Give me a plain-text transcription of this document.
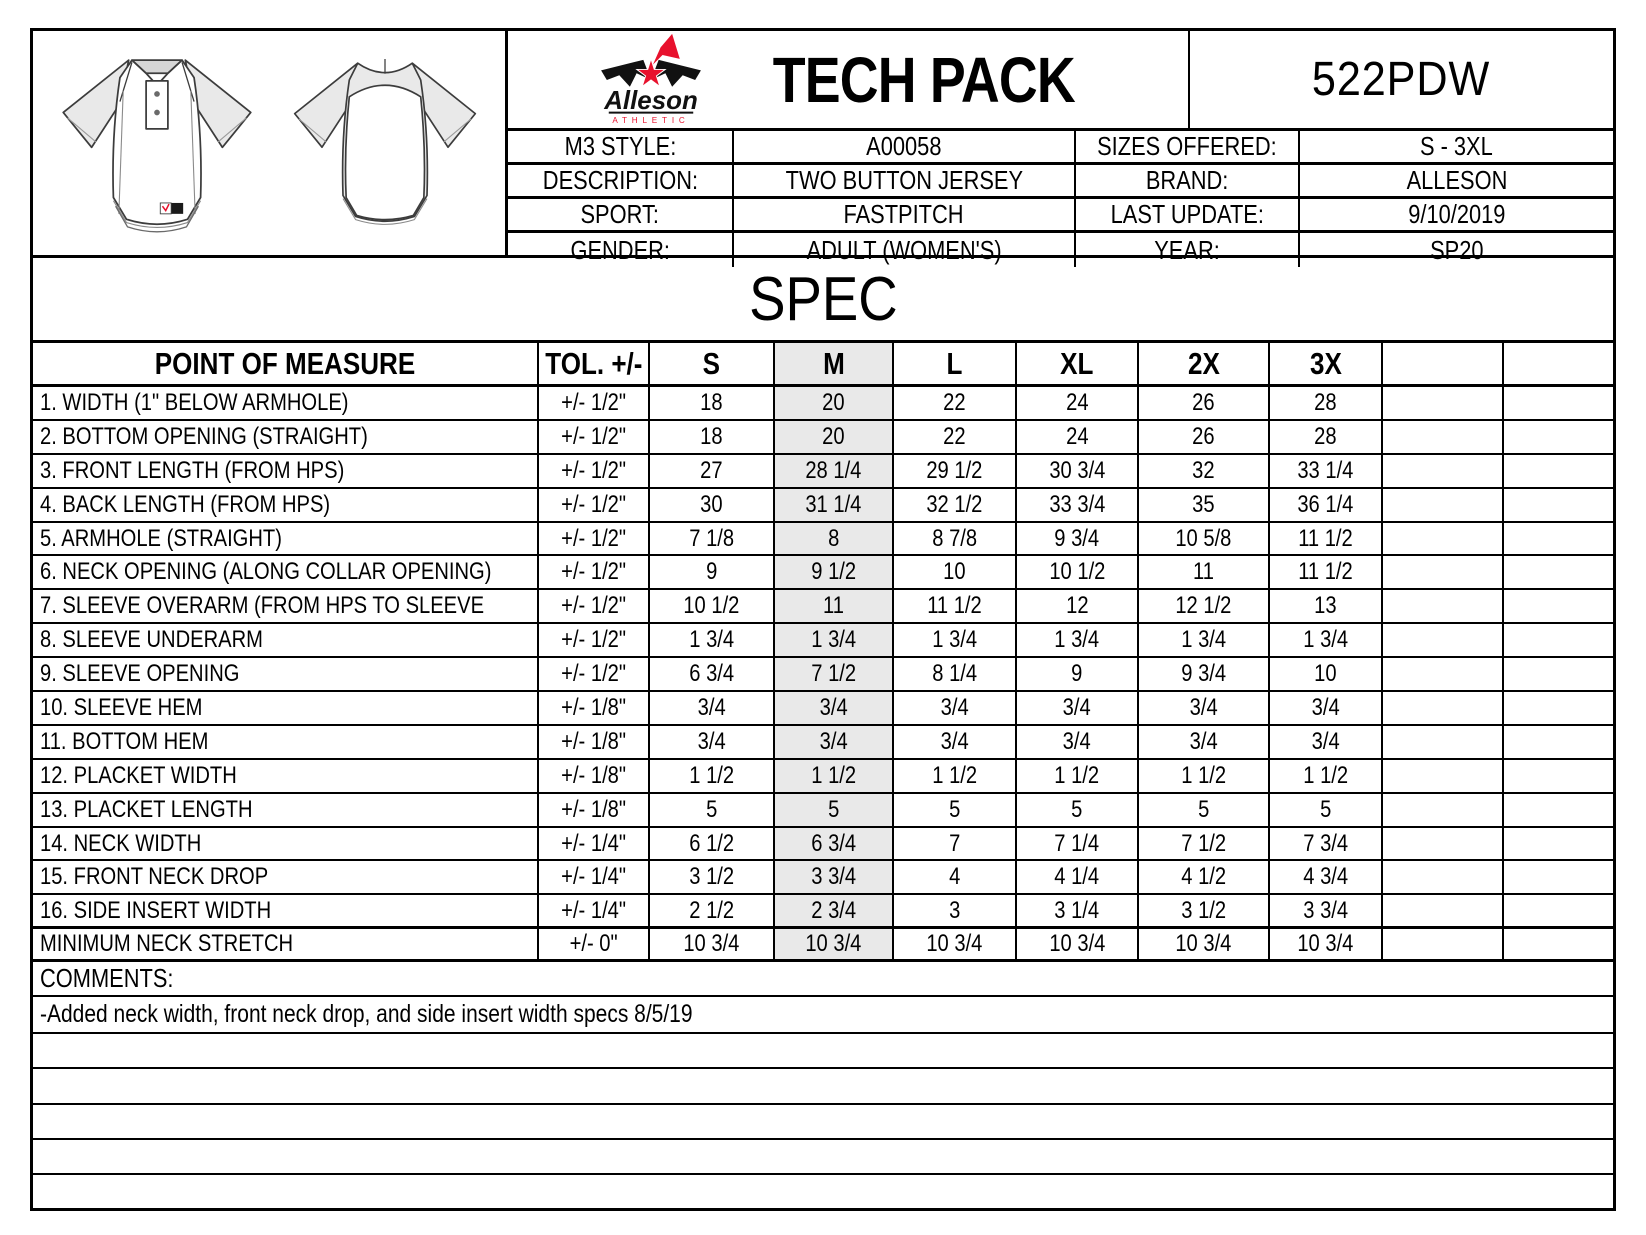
Alleson
ATHLETIC
TECH PACK	522PDW
M3 STYLE:	A00058	SIZES OFFERED:	S - 3XL
DESCRIPTION:	TWO BUTTON JERSEY	BRAND:	ALLESON
SPORT:	FASTPITCH	LAST UPDATE:	9/10/2019
GENDER:	ADULT (WOMEN'S)	YEAR:	SP20
SPEC
POINT OF MEASURE	TOL. +/- S	M	L	XL	2X	3X
1. WIDTH (1" BELOW ARMHOLE)	+/- 1/2"	18	20	22	24	26	28
2. BOTTOM OPENING (STRAIGHT)	+/- 1/2"	18	20	22	24	26	28
3. FRONT LENGTH (FROM HPS)	+/- 1/2"	27	28 1/4	29 1/2	30 3/4	32	33 1/4
4. BACK LENGTH (FROM HPS)	+/- 1/2"	30	31 1/4	32 1/2	33 3/4	35	36 1/4
5. ARMHOLE (STRAIGHT)	+/- 1/2"	7 1/8	8	8 7/8	9 3/4	10 5/8	11 1/2
6. NECK OPENING (ALONG COLLAR OPENING)	+/- 1/2"	9	9 1/2	10	10 1/2	11	11 1/2
7. SLEEVE OVERARM (FROM HPS TO SLEEVE	+/- 1/2" 10 1/2	11	11 1/2	12	12 1/2	13
8. SLEEVE UNDERARM	+/- 1/2"	1 3/4	1 3/4	1 3/4	1 3/4	1 3/4	1 3/4
9. SLEEVE OPENING	+/- 1/2"	6 3/4	7 1/2	8 1/4	9	9 3/4	10
10. SLEEVE HEM	+/- 1/8"	3/4	3/4	3/4	3/4	3/4	3/4
11. BOTTOM HEM	+/- 1/8"	3/4	3/4	3/4	3/4	3/4	3/4
12. PLACKET WIDTH	+/- 1/8"	1 1/2	1 1/2	1 1/2	1 1/2	1 1/2	1 1/2
13. PLACKET LENGTH	+/- 1/8"	5	5	5	5	5	5
14. NECK WIDTH	+/- 1/4"	6 1/2	6 3/4	7	7 1/4	7 1/2	7 3/4
15. FRONT NECK DROP	+/- 1/4"	3 1/2	3 3/4	4	4 1/4	4 1/2	4 3/4
16. SIDE INSERT WIDTH	+/- 1/4"	2 1/2	2 3/4	3	3 1/4	3 1/2	3 3/4
MINIMUM NECK STRETCH	+/- 0"	10 3/4	10 3/4	10 3/4	10 3/4	10 3/4	10 3/4
COMMENTS:
-Added neck width, front neck drop, and side insert width specs 8/5/19
